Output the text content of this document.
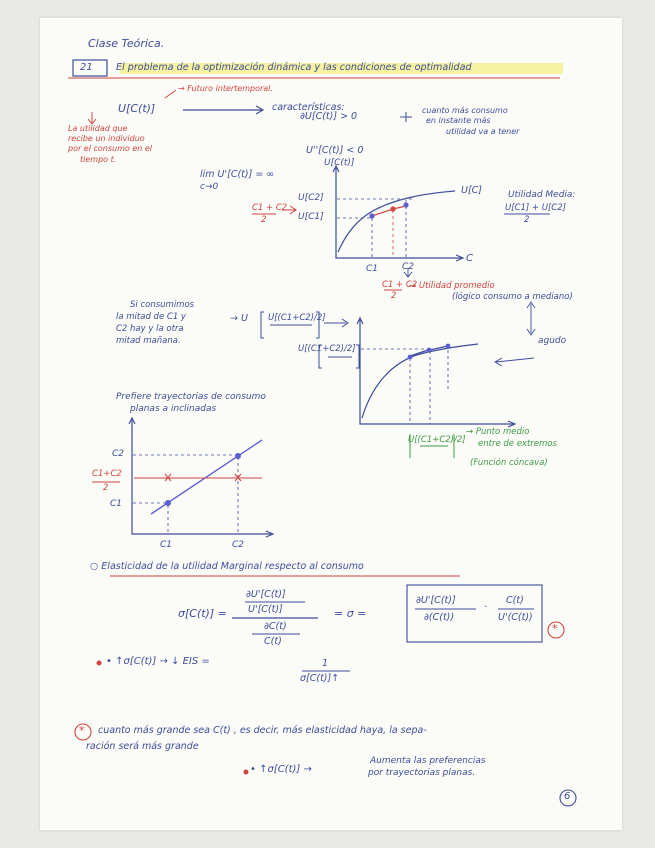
Clase Teórica.
21 El problema de la optimización dinámica y las condiciones de optimalidad
→ Futuro intertemporal.
U[C(t)]
La utilidad que
recibe un individuo
por el consumo en el
tiempo t.
características:
∂U[C(t)] > 0
cuanto más consumo
en instante más
utilidad va a tener
U''[C(t)] < 0
lim U'[C(t)] = ∞
c→0
U[C(t)]
C
U[C2]
U[C1]
U[C]	Utilidad Media:
U[C1] + U[C2]
2
C1 + C2
2
C1	C2
C1 + C2
2
→ Utilidad promedio
(lógico consumo a mediano)
Si consumimos
la mitad de C1 y
C2 hay y la otra
mitad mañana.
→ U U[(C1+C2)/2]
U[(C1+C2)/2]
agudo
U[(C1+C2)/2]
→ Punto medio
entre de extremos
(Función cóncava)
Prefiere trayectorias de consumo
planas a inclinadas
C2
C1+C2
2
C1
C1	C2
○ Elasticidad de la utilidad Marginal respecto al consumo
σ[C(t)] =
∂U'[C(t)]
U'[C(t)]
∂C(t)
C(t)
= σ =
∂U'[C(t)]
∂(C(t))
·
C(t)
U'(C(t))
*
• ↑σ[C(t)] → ↓ EIS =	1
σ[C(t)]↑
* cuanto más grande sea C(t) , es decir, más elasticidad haya, la sepa-
ración será más grande
• ↑σ[C(t)] →
Aumenta las preferencias
por trayectorias planas.
6
